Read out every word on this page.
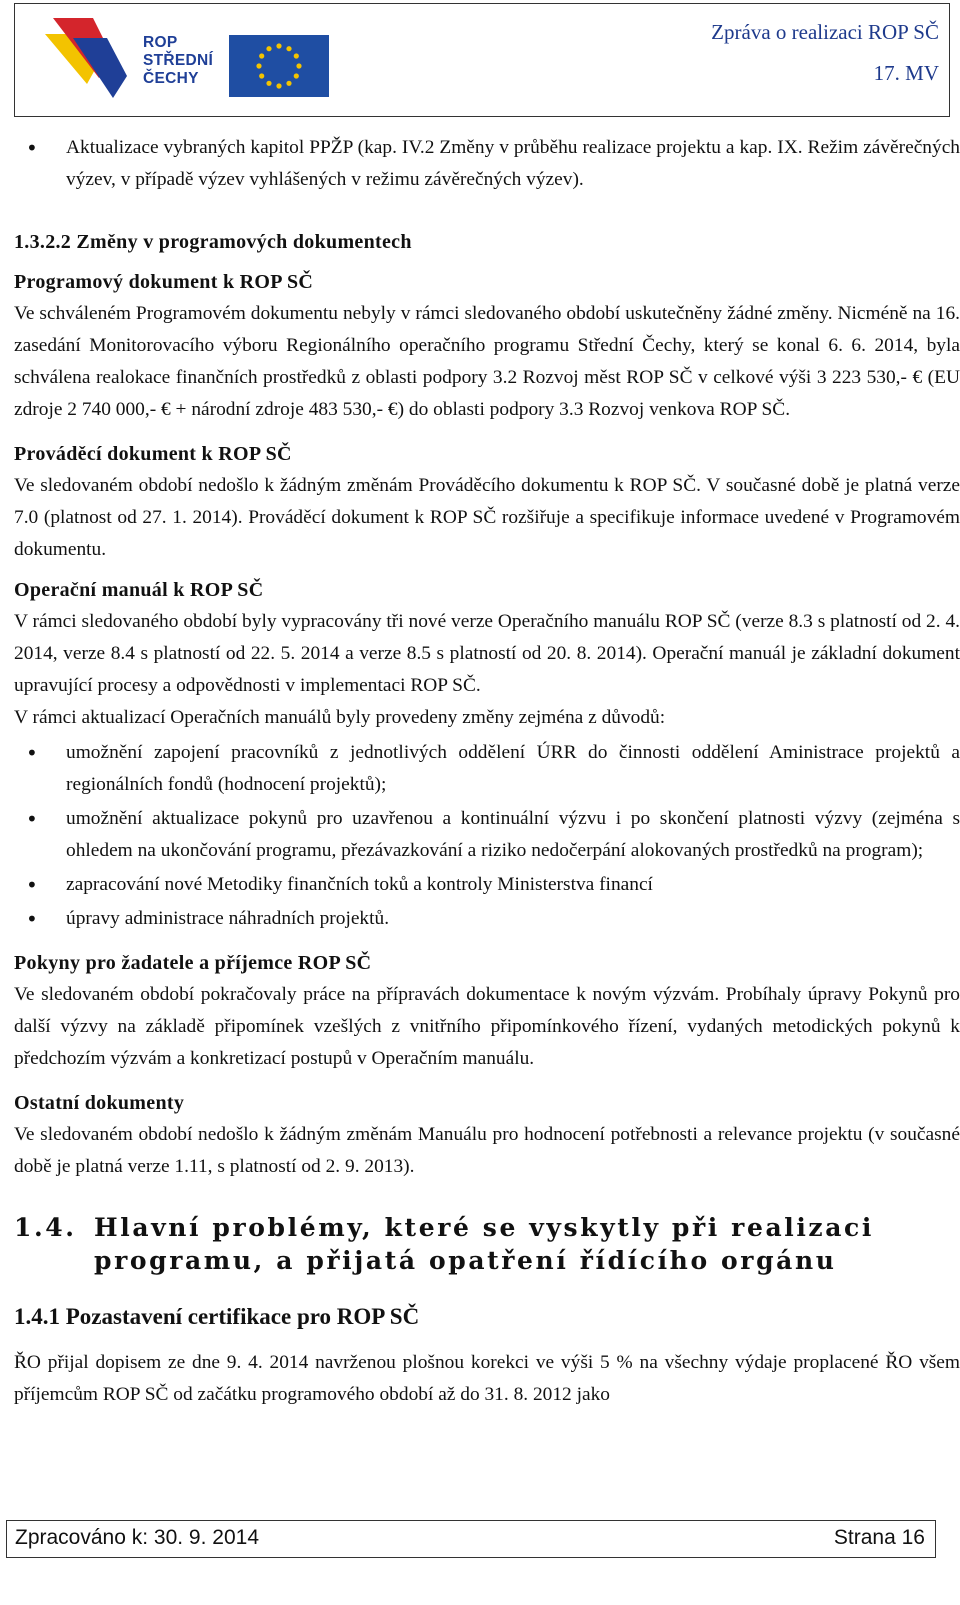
ROP
STŘEDNÍ
ČECHY
Zpráva o realizaci ROP SČ
17. MV
• Aktualizace vybraných kapitol PPŽP (kap. IV.2 Změny v průběhu realizace projektu a kap. IX. Režim závěrečných výzev, v případě výzev vyhlášených v režimu závěrečných výzev).
1.3.2.2 Změny v programových dokumentech
Programový dokument k ROP SČ

Ve schváleném Programovém dokumentu nebyly v rámci sledovaného období uskutečněny žádné změny. Nicméně na 16. zasedání Monitorovacího výboru Regionálního operačního programu Střední Čechy, který se konal 6. 6. 2014, byla schválena realokace finančních prostředků z oblasti podpory 3.2 Rozvoj měst ROP SČ v celkové výši 3 223 530,- € (EU zdroje 2 740 000,- € + národní zdroje 483 530,- €) do oblasti podpory 3.3 Rozvoj venkova ROP SČ.

Prováděcí dokument k ROP SČ

Ve sledovaném období nedošlo k žádným změnám Prováděcího dokumentu k ROP SČ. V současné době je platná verze 7.0 (platnost od 27. 1. 2014). Prováděcí dokument k ROP SČ rozšiřuje a specifikuje informace uvedené v Programovém dokumentu.

Operační manuál k ROP SČ

V rámci sledovaného období byly vypracovány tři nové verze Operačního manuálu ROP SČ (verze 8.3 s platností od 2. 4. 2014, verze 8.4 s platností od 22. 5. 2014 a verze 8.5 s platností od 20. 8. 2014). Operační manuál je základní dokument upravující procesy a odpovědnosti v implementaci ROP SČ.

V rámci aktualizací Operačních manuálů byly provedeny změny zejména z důvodů:

• umožnění zapojení pracovníků z jednotlivých oddělení ÚRR do činnosti oddělení Aministrace projektů a regionálních fondů (hodnocení projektů);
• umožnění aktualizace pokynů pro uzavřenou a kontinuální výzvu i po skončení platnosti výzvy (zejména s ohledem na ukončování programu, přezávazkování a riziko nedočerpání alokovaných prostředků na program);
• zapracování nové Metodiky finančních toků a kontroly Ministerstva financí
• úpravy administrace náhradních projektů.
Pokyny pro žadatele a příjemce ROP SČ

Ve sledovaném období pokračovaly práce na přípravách dokumentace k novým výzvám. Probíhaly úpravy Pokynů pro další výzvy na základě připomínek vzešlých z vnitřního připomínkového řízení, vydaných metodických pokynů k předchozím výzvám a konkretizací postupů v Operačním manuálu.

Ostatní dokumenty

Ve sledovaném období nedošlo k žádným změnám Manuálu pro hodnocení potřebnosti a relevance projektu (v současné době je platná verze 1.11, s platností od 2. 9. 2013).

1.4. Hlavní problémy, které se vyskytly při realizaci programu, a přijatá opatření řídícího orgánu
1.4.1 Pozastavení certifikace pro ROP SČ

ŘO přijal dopisem ze dne 9. 4. 2014 navrženou plošnou korekci ve výši 5 % na všechny výdaje proplacené ŘO všem příjemcům ROP SČ od začátku programového období až do 31. 8. 2012 jako

Zpracováno k: 30. 9. 2014	Strana 16
